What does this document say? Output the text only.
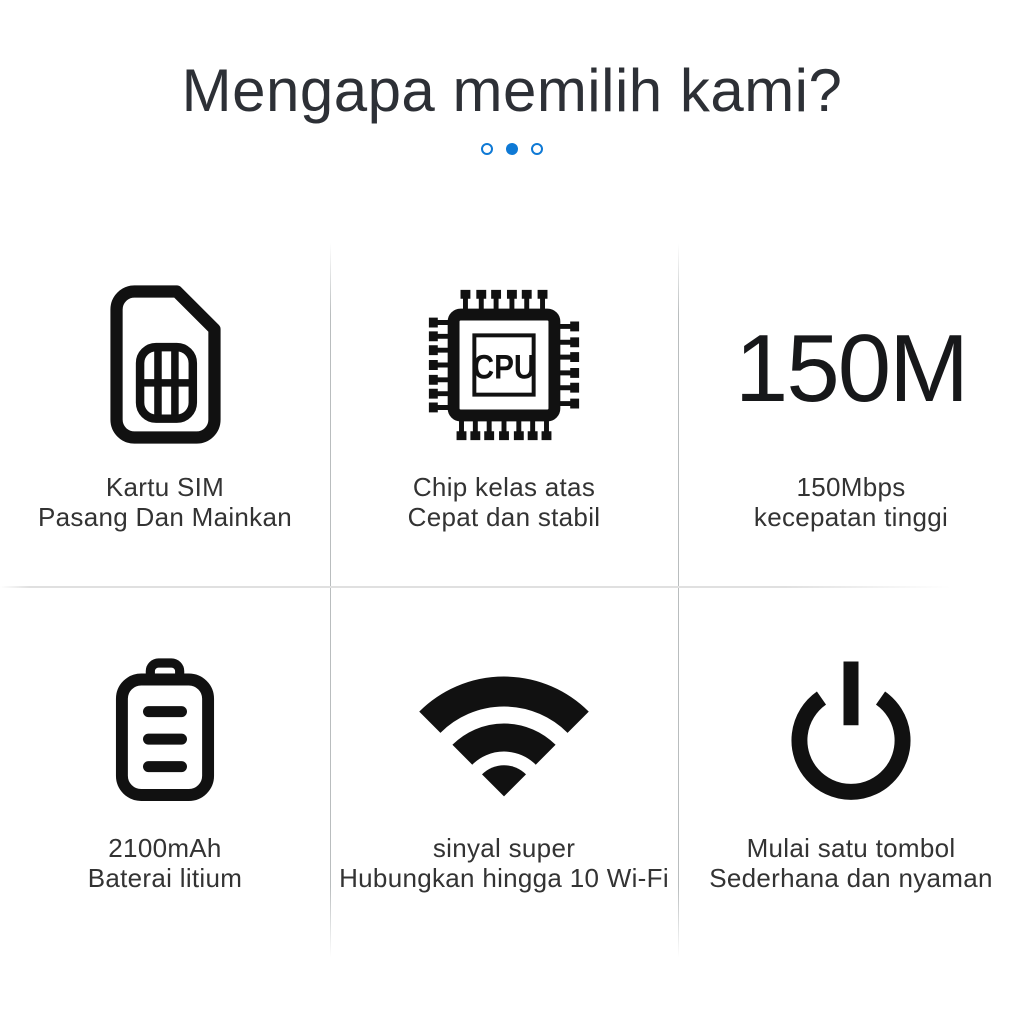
Mengapa memilih kami?
Kartu SIM
Pasang Dan Mainkan
CPU
Chip kelas atas
Cepat dan stabil
150M
150Mbps
kecepatan tinggi
2100mAh
Baterai litium
sinyal super
Hubungkan hingga 10 Wi-Fi
Mulai satu tombol
Sederhana dan nyaman
